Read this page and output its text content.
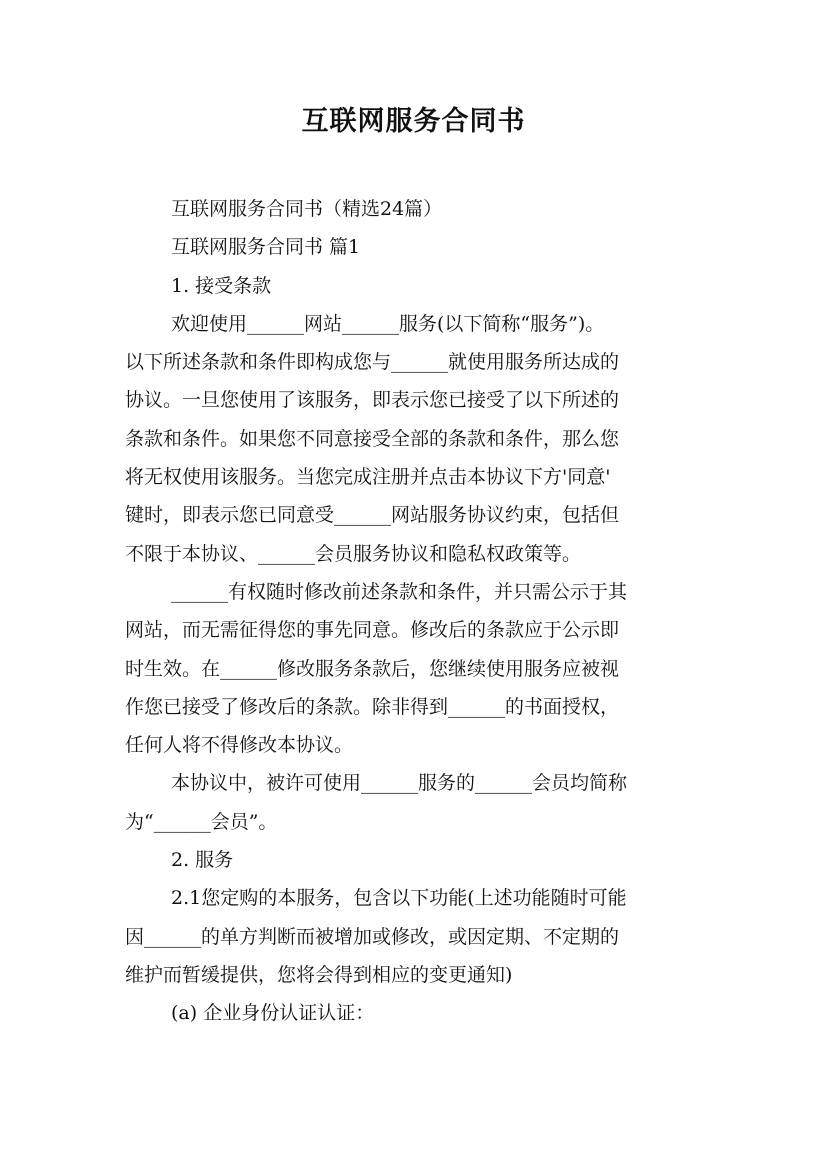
互联网服务合同书

互联网服务合同书（精选24篇）

互联网服务合同书 篇1

1. 接受条款

欢迎使用______网站______服务(以下简称“服务”)。

以下所述条款和条件即构成您与______就使用服务所达成的

协议。一旦您使用了该服务，即表示您已接受了以下所述的

条款和条件。如果您不同意接受全部的条款和条件，那么您

将无权使用该服务。当您完成注册并点击本协议下方'同意'

键时，即表示您已同意受______网站服务协议约束，包括但

不限于本协议、______会员服务协议和隐私权政策等。

______有权随时修改前述条款和条件，并只需公示于其

网站，而无需征得您的事先同意。修改后的条款应于公示即

时生效。在______修改服务条款后，您继续使用服务应被视

作您已接受了修改后的条款。除非得到______的书面授权，

任何人将不得修改本协议。

本协议中，被许可使用______服务的______会员均简称

为“______会员”。

2. 服务

2.1您定购的本服务，包含以下功能(上述功能随时可能

因______的单方判断而被增加或修改，或因定期、不定期的

维护而暂缓提供，您将会得到相应的变更通知)

(a) 企业身份认证认证：
